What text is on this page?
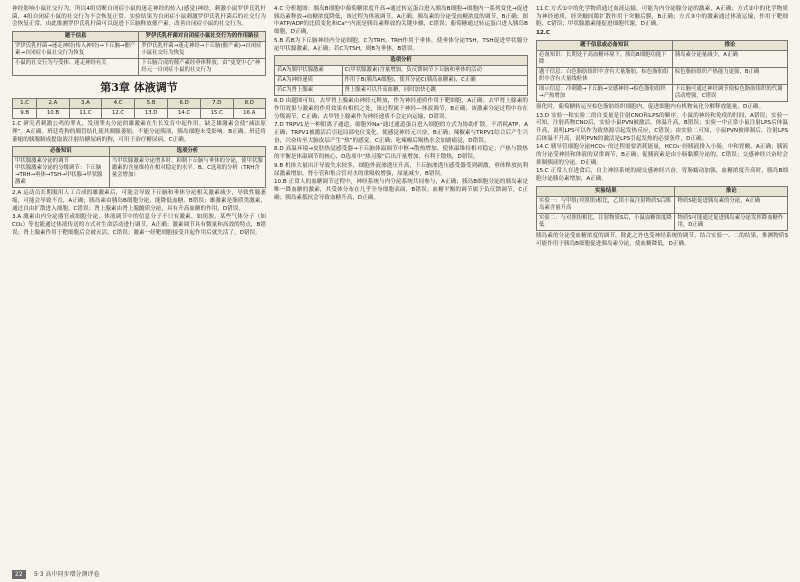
神经影响小鼠社交行为，所以4组切断自闭症小鼠的迷走神经的传入(感觉)神经，刺激小鼠罗伊氏乳杆菌，4组自闭症小鼠的社交行为不会恢复正常。实验结果为自闭症小鼠刺激罗伊氏乳杆菌后的社交行为会恢复正常，由此推测罗伊氏乳杆菌可以促进下丘脑释放催产素，改善自闭症小鼠的社交行为。

题干信息	罗伊氏乳杆菌对自闭症小鼠社交行为的作用路径
罗伊氏乳杆菌→迷走神经(传入神经)→下丘脑→催产素→自闭症小鼠社交行为恢复	罗伊氏乳杆菌→迷走神经→下丘脑(催产素)→自闭症小鼠社交行为恢复
小鼠的社交行为与受体、迷走神经有关	下丘脑合成的催产素经垂体释放，由“更宽中心”神经元一自闭症小鼠的社交行为
第3章 体液调节
1.C	2.A	3.A	4.C	5.B	6.D	7.D	8.D
9.B	10.B	11.C	12.C	13.D	14.C	15.C	16.A

1.C 研究者刺激公鸡的睾丸，发现睾丸分泌的雄激素在生长发育中起作用。缺乏雄激素会使“减法原理”。A正确。班廷将狗的胰管结扎使其胰腺萎缩，不能分泌胰液，胰岛细胞未受影响。B正确。班廷将萎缩的胰腺制成提取液注射给糖尿病的狗，可用于治疗糖尿病，C正确。

必备知识	选项分析

甲状腺激素分泌的调节
甲状腺激素分泌的分级调节：下丘脑→TRH→垂体→TSH→甲状腺→甲状腺激素	当甲状腺激素分泌增多时，抑制下丘脑与垂体的分泌，使甲状腺激素的含量维持在相对稳定的水平。B、C选项的分析（TRH含量会增加）

2.A 运动员长期服用人工合成的雄激素后，可能会导致下丘脑和垂体分泌相关激素减少，导致性腺萎缩，可能会导致不育，A正确；胰岛素由胰岛B细胞分泌，能降低血糖，B错误；雄激素是脂质类激素，通过自由扩散进入细胞，C错误；肾上腺素由肾上腺髓质分泌，具有升高血糖的作用，D错误。

3.A 激素由内分泌器官或细胞分泌，体液调节中的信息分子不只有激素，如组胺、某些气体分子（如CO₂）等也能通过体液传送的方式对生命活动进行调节，A正确；激素调节具有微量和高效的特点，B错误；肾上腺素作用于靶细胞后会被灭活，C错误；激素一经靶细胞接受并起作用后就失活了，D错误。

4.C 分析题图：胰岛B细胞中葡萄糖浓度升高→通过转运蛋白进入胰岛B细胞→细胞内一系列变化→促进胰岛素释放→血糖浓度降低，该过程为体液调节，A正确；胰岛素的分泌受血糖浓度的调节，B正确；图中ATP/ADP的比值变化和Ca²⁺内流是胰岛素释放的关键步骤，C错误；葡萄糖通过转运蛋白进入胰岛B细胞，D正确。

5.B 若B为下丘脑神经内分泌细胞，C为TRH，TRH作用于垂体，使垂体分泌TSH，TSH促进甲状腺分泌甲状腺激素，A正确；若C为TSH，则B为垂体，B错误。

选项分析	
若A为胰甲状腺激素	C(甲状腺激素)含量增加，负反馈调节下丘脑和垂体的活动
若A为神经递质	作用于B(胰岛A细胞)，使其分泌C(胰高血糖素)，C正确
若C为肾上腺素	肾上腺素可以升高血糖，同时加快心跳

6.D 由题图可知，去甲肾上腺素由神经元释放，作为神经递质作用于靶细胞，A正确；去甲肾上腺素的作用效果与激素的作用效果有相似之处，该过程属于神经—体液调节，B正确；该激素分泌过程中存在分级调节，C正确；去甲肾上腺素作为神经递质不会定向运输，D错误。

7.D TRPV1是一种阳离子通道，细胞外Na⁺通过通道蛋白进入细胞的方式为协助扩散，不消耗ATP，A正确；TRPV1被激活后引起局部电位变化，使感觉神经元兴奋，B正确；辣椒素与TRPV1结合后产生兴奋，兴奋传至大脑皮层产生“热”的感觉，C正确；吃辣椒后喝热水会加剧痛觉，D错误。

8.D 高温环境→皮肤热觉感受器→下丘脑体温调节中枢→散热增加，使体温维持相对稳定；产热与散热的平衡是体温调节的核心，D选项中“热习服”后出汗量增加，有利于散热，D错误。

9.B 机体大量出汗导致失水较多，细胞外液渗透压升高，下丘脑渗透压感受器受到刺激，垂体释放抗利尿激素增加，肾小管和集合管对水的重吸收增强，尿量减少，B错误。

10.B 正常人的血糖调节过程中，神经系统与内分泌系统共同参与，A正确；胰岛B细胞分泌的胰岛素是唯一降血糖的激素，其受体分布在几乎全身细胞表面，B错误；血糖平衡的调节属于负反馈调节，C正确；胰岛素抵抗会导致血糖升高，D正确。

11.C 方式①中的化学物质通过血液运输，可能为内分泌腺分泌的激素，A正确；方式②中的化学物质为神经递质，经突触间隙扩散作用于突触后膜，B正确；方式③中的激素通过体液运输，作用于靶细胞，C错误；甲状腺激素能促进细胞代谢，D正确。

12.C

题干信息或必备知识	推论
必备知识：长期处于高血糖环境下，胰岛B细胞功能下降	胰岛素分泌量减少，A正确
题干信息：白色脂肪组织中含有大量脂肪，棕色脂肪组织中含有大量线粒体	棕色脂肪组织产热能力更强，B正确
图示信息：冷刺激→下丘脑→交感神经→棕色脂肪组织→产热增加	下丘脑可通过神经调节使棕色脂肪组织的代谢活动增强，C错误

强化时，葡萄糖转运至棕色脂肪组织细胞内，促进细胞内有机物氧化分解释放能量，D正确。

13.D 实验一和实验二的自变量是注射CNO和LPS的顺序，小鼠的神经和免疫的时间，A错误；实验一可知，注射药物CNO后，实验小鼠PVN被激活，体温升高，B错误；实验一中正常小鼠注射LPS后体温升高，说明LPS可以作为致热源引起发热反应，C错误；由实验二可知，小鼠PVN被抑制后，注射LPS后体温不升高，说明PVN的激活是LPS引起发热的必要条件，D正确。

14.C 胰导管细胞分泌HCO₃⁻的过程需要消耗能量，HCO₃⁻经胰液排入小肠，中和胃酸，A正确；胰液的分泌受神经和体液的双重调节，B正确；促胰液素是由小肠黏膜分泌的，C错误；交感神经兴奋时会抑制胰液的分泌，D正确。

15.C 正常人在进食后，自主神经系统的副交感神经兴奋，胃肠蠕动加强，血糖浓度升高时，胰岛B细胞分泌胰岛素增加，A正确。

实验结果	推论
实验一：与甲组(对照组)相比，乙组小鼠注射物质S后胰岛素含量升高	物质S能促进胰岛素的分泌，A正确
实验二：与对照组相比，注射物质S后，小鼠血糖浓度降低	物质S可能通过促进胰岛素分泌发挥降血糖作用，D正确

胰岛素的分泌受血糖浓度的调节，除此之外也受神经系统的调节，结合实验一、二的结果，推测物质S可能作用于胰岛B细胞促进胰岛素分泌，使血糖降低，D正确。

22	5·3 高中同步增分测评卷
